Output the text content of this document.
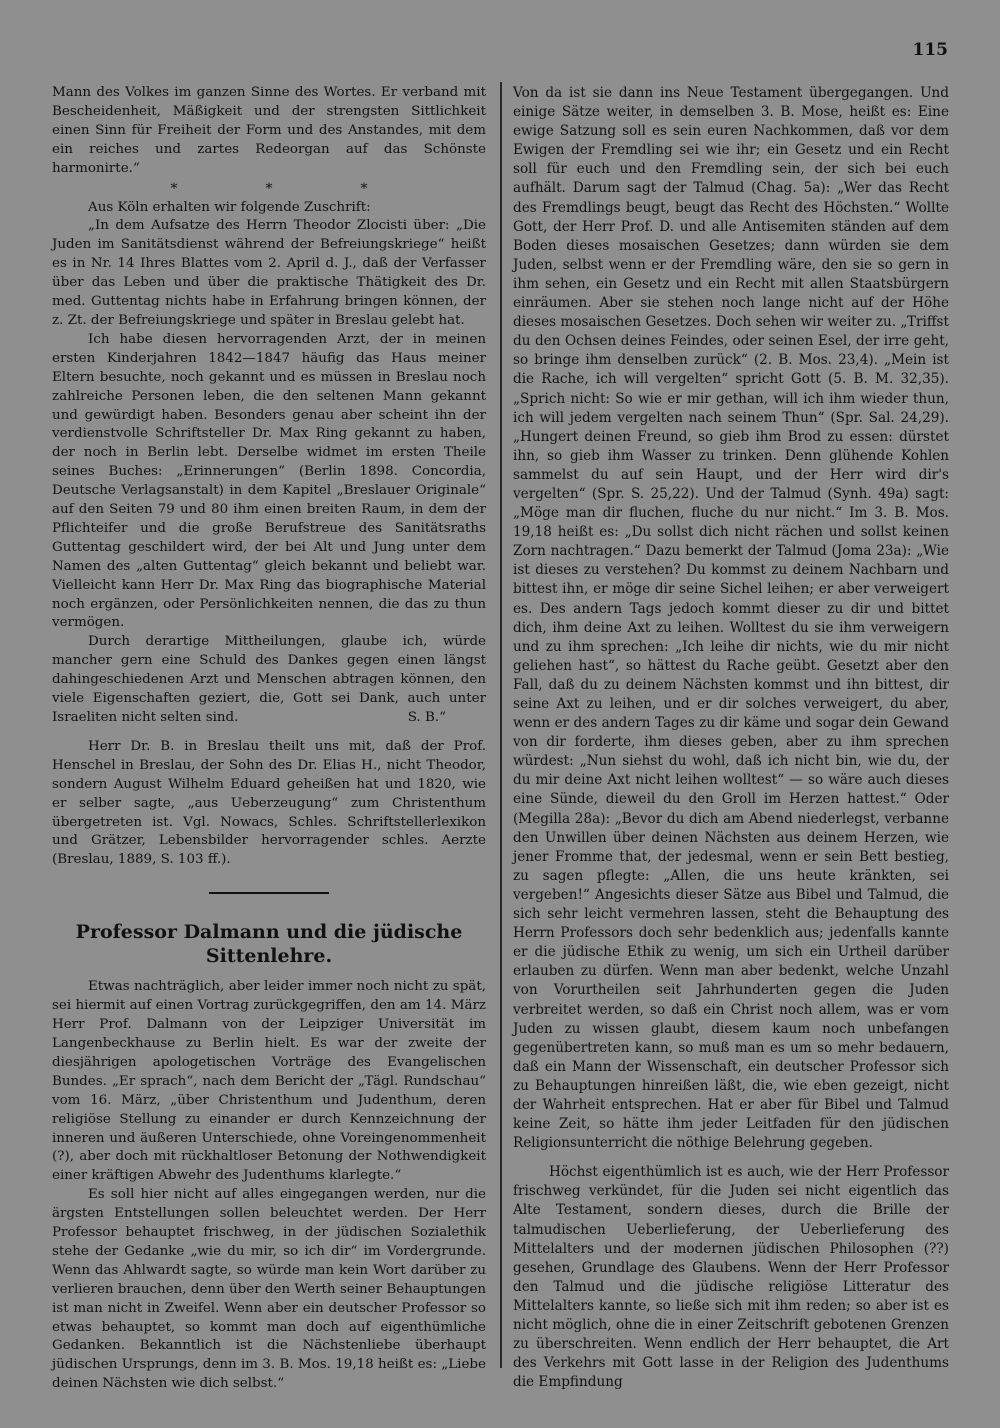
115

Mann des Volkes im ganzen Sinne des Wortes. Er verband mit Bescheidenheit, Mäßigkeit und der strengsten Sittlichkeit einen Sinn für Freiheit der Form und des Anstandes, mit dem ein reiches und zartes Redeorgan auf das Schönste harmonirte.“

*	*	*

Aus Köln erhalten wir folgende Zuschrift:

„In dem Aufsatze des Herrn Theodor Zlocisti über: „Die Juden im Sanitätsdienst während der Befreiungskriege“ heißt es in Nr. 14 Ihres Blattes vom 2. April d. J., daß der Verfasser über das Leben und über die praktische Thätigkeit des Dr. med. Guttentag nichts habe in Erfahrung bringen können, der z. Zt. der Befreiungskriege und später in Breslau gelebt hat.

Ich habe diesen hervorragenden Arzt, der in meinen ersten Kinderjahren 1842—1847 häufig das Haus meiner Eltern besuchte, noch gekannt und es müssen in Breslau noch zahlreiche Personen leben, die den seltenen Mann gekannt und gewürdigt haben. Besonders genau aber scheint ihn der verdienstvolle Schriftsteller Dr. Max Ring gekannt zu haben, der noch in Berlin lebt. Derselbe widmet im ersten Theile seines Buches: „Erinnerungen“ (Berlin 1898. Concordia, Deutsche Verlagsanstalt) in dem Kapitel „Breslauer Originale“ auf den Seiten 79 und 80 ihm einen breiten Raum, in dem der Pflichteifer und die große Berufstreue des Sanitätsraths Guttentag geschildert wird, der bei Alt und Jung unter dem Namen des „alten Guttentag“ gleich bekannt und beliebt war. Vielleicht kann Herr Dr. Max Ring das biographische Material noch ergänzen, oder Persönlichkeiten nennen, die das zu thun vermögen.

Durch derartige Mittheilungen, glaube ich, würde mancher gern eine Schuld des Dankes gegen einen längst dahingeschiedenen Arzt und Menschen abtragen können, den viele Eigenschaften geziert, die, Gott sei Dank, auch unter Israeliten nicht selten sind.	S. B.“

Herr Dr. B. in Breslau theilt uns mit, daß der Prof. Henschel in Breslau, der Sohn des Dr. Elias H., nicht Theodor, sondern August Wilhelm Eduard geheißen hat und 1820, wie er selber sagte, „aus Ueberzeugung“ zum Christenthum übergetreten ist. Vgl. Nowacs, Schles. Schriftstellerlexikon und Grätzer, Lebensbilder hervorragender schles. Aerzte (Breslau, 1889, S. 103 ff.).

Professor Dalmann und die jüdische Sittenlehre.

Etwas nachträglich, aber leider immer noch nicht zu spät, sei hiermit auf einen Vortrag zurückgegriffen, den am 14. März Herr Prof. Dalmann von der Leipziger Universität im Langenbeckhause zu Berlin hielt. Es war der zweite der diesjährigen apologetischen Vorträge des Evangelischen Bundes. „Er sprach“, nach dem Bericht der „Tägl. Rundschau“ vom 16. März, „über Christenthum und Judenthum, deren religiöse Stellung zu einander er durch Kennzeichnung der inneren und äußeren Unterschiede, ohne Voreingenommenheit (?), aber doch mit rückhaltloser Betonung der Nothwendigkeit einer kräftigen Abwehr des Judenthums klarlegte.“

Es soll hier nicht auf alles eingegangen werden, nur die ärgsten Entstellungen sollen beleuchtet werden. Der Herr Professor behauptet frischweg, in der jüdischen Sozialethik stehe der Gedanke „wie du mir, so ich dir“ im Vordergrunde. Wenn das Ahlwardt sagte, so würde man kein Wort darüber zu verlieren brauchen, denn über den Werth seiner Behauptungen ist man nicht in Zweifel. Wenn aber ein deutscher Professor so etwas behauptet, so kommt man doch auf eigenthümliche Gedanken. Bekanntlich ist die Nächstenliebe überhaupt jüdischen Ursprungs, denn im 3. B. Mos. 19,18 heißt es: „Liebe deinen Nächsten wie dich selbst.“

Von da ist sie dann ins Neue Testament übergegangen. Und einige Sätze weiter, in demselben 3. B. Mose, heißt es: Eine ewige Satzung soll es sein euren Nachkommen, daß vor dem Ewigen der Fremdling sei wie ihr; ein Gesetz und ein Recht soll für euch und den Fremdling sein, der sich bei euch aufhält. Darum sagt der Talmud (Chag. 5a): „Wer das Recht des Fremdlings beugt, beugt das Recht des Höchsten.“ Wollte Gott, der Herr Prof. D. und alle Antisemiten ständen auf dem Boden dieses mosaischen Gesetzes; dann würden sie dem Juden, selbst wenn er der Fremdling wäre, den sie so gern in ihm sehen, ein Gesetz und ein Recht mit allen Staatsbürgern einräumen. Aber sie stehen noch lange nicht auf der Höhe dieses mosaischen Gesetzes. Doch sehen wir weiter zu. „Triffst du den Ochsen deines Feindes, oder seinen Esel, der irre geht, so bringe ihm denselben zurück“ (2. B. Mos. 23,4). „Mein ist die Rache, ich will vergelten“ spricht Gott (5. B. M. 32,35). „Sprich nicht: So wie er mir gethan, will ich ihm wieder thun, ich will jedem vergelten nach seinem Thun“ (Spr. Sal. 24,29). „Hungert deinen Freund, so gieb ihm Brod zu essen: dürstet ihn, so gieb ihm Wasser zu trinken. Denn glühende Kohlen sammelst du auf sein Haupt, und der Herr wird dir's vergelten“ (Spr. S. 25,22). Und der Talmud (Synh. 49a) sagt: „Möge man dir fluchen, fluche du nur nicht.“ Im 3. B. Mos. 19,18 heißt es: „Du sollst dich nicht rächen und sollst keinen Zorn nachtragen.“ Dazu bemerkt der Talmud (Joma 23a): „Wie ist dieses zu verstehen? Du kommst zu deinem Nachbarn und bittest ihn, er möge dir seine Sichel leihen; er aber verweigert es. Des andern Tags jedoch kommt dieser zu dir und bittet dich, ihm deine Axt zu leihen. Wolltest du sie ihm verweigern und zu ihm sprechen: „Ich leihe dir nichts, wie du mir nicht geliehen hast“, so hättest du Rache geübt. Gesetzt aber den Fall, daß du zu deinem Nächsten kommst und ihn bittest, dir seine Axt zu leihen, und er dir solches verweigert, du aber, wenn er des andern Tages zu dir käme und sogar dein Gewand von dir forderte, ihm dieses geben, aber zu ihm sprechen würdest: „Nun siehst du wohl, daß ich nicht bin, wie du, der du mir deine Axt nicht leihen wolltest“ — so wäre auch dieses eine Sünde, dieweil du den Groll im Herzen hattest.“ Oder (Megilla 28a): „Bevor du dich am Abend niederlegst, verbanne den Unwillen über deinen Nächsten aus deinem Herzen, wie jener Fromme that, der jedesmal, wenn er sein Bett bestieg, zu sagen pflegte: „Allen, die uns heute kränkten, sei vergeben!“ Angesichts dieser Sätze aus Bibel und Talmud, die sich sehr leicht vermehren lassen, steht die Behauptung des Herrn Professors doch sehr bedenklich aus; jedenfalls kannte er die jüdische Ethik zu wenig, um sich ein Urtheil darüber erlauben zu dürfen. Wenn man aber bedenkt, welche Unzahl von Vorurtheilen seit Jahrhunderten gegen die Juden verbreitet werden, so daß ein Christ noch allem, was er vom Juden zu wissen glaubt, diesem kaum noch unbefangen gegenübertreten kann, so muß man es um so mehr bedauern, daß ein Mann der Wissenschaft, ein deutscher Professor sich zu Behauptungen hinreißen läßt, die, wie eben gezeigt, nicht der Wahrheit entsprechen. Hat er aber für Bibel und Talmud keine Zeit, so hätte ihm jeder Leitfaden für den jüdischen Religionsunterricht die nöthige Belehrung gegeben.

Höchst eigenthümlich ist es auch, wie der Herr Professor frischweg verkündet, für die Juden sei nicht eigentlich das Alte Testament, sondern dieses, durch die Brille der talmudischen Ueberlieferung, der Ueberlieferung des Mittelalters und der modernen jüdischen Philosophen (??) gesehen, Grundlage des Glaubens. Wenn der Herr Professor den Talmud und die jüdische religiöse Litteratur des Mittelalters kannte, so ließe sich mit ihm reden; so aber ist es nicht möglich, ohne die in einer Zeitschrift gebotenen Grenzen zu überschreiten. Wenn endlich der Herr behauptet, die Art des Verkehrs mit Gott lasse in der Religion des Judenthums die Empfindung
